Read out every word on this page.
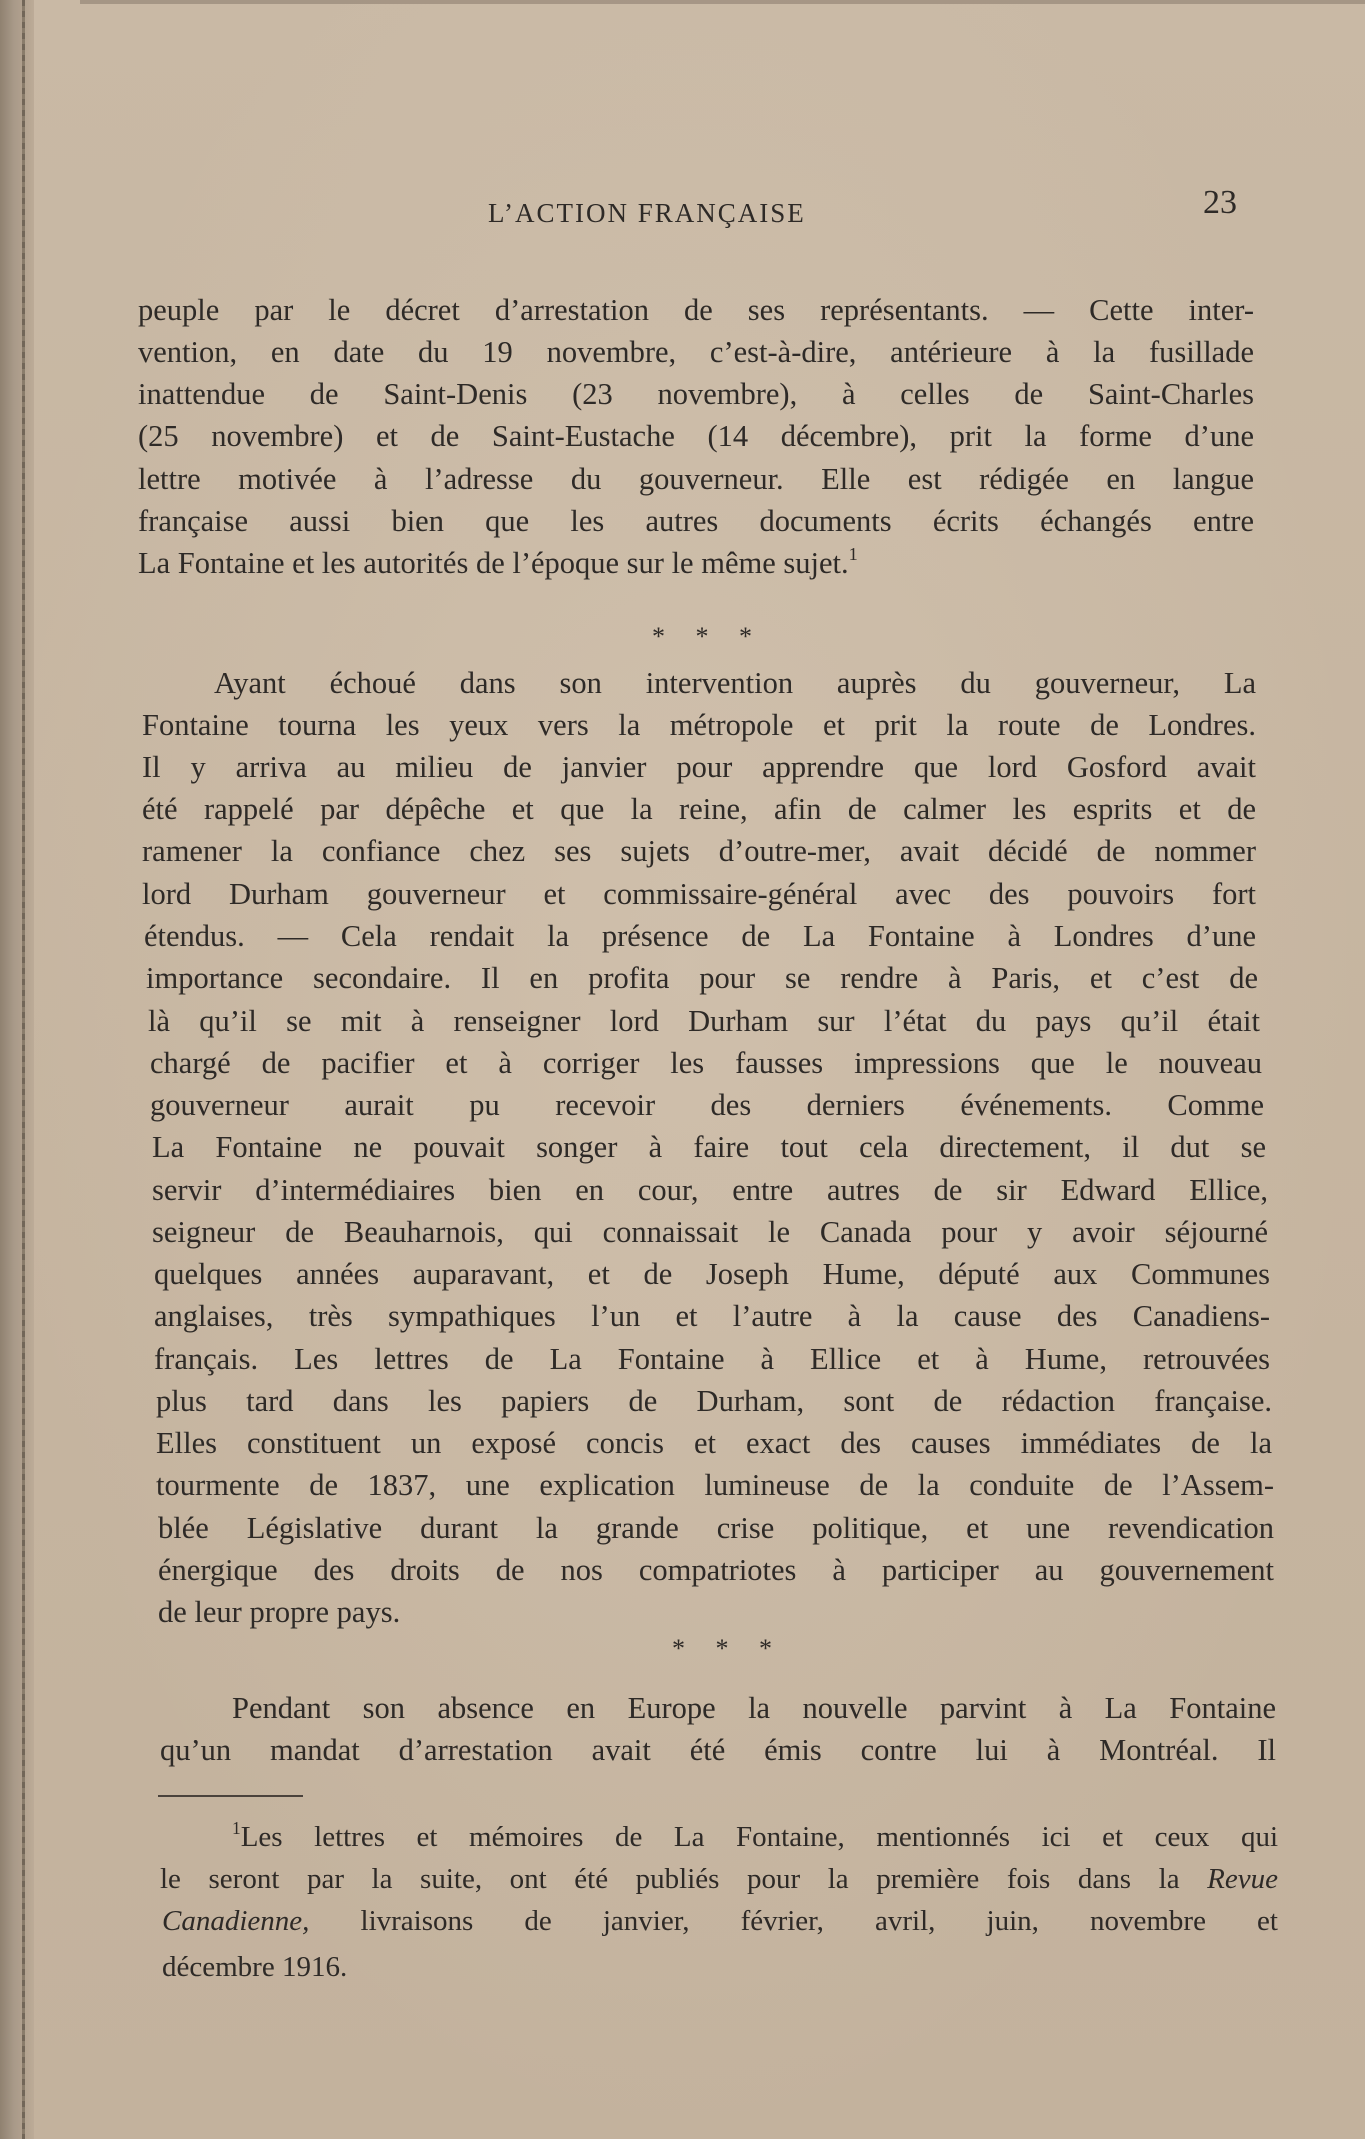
L’ACTION FRANÇAISE	23
peuple par le décret d’arrestation de ses représentants. — Cette inter-
vention, en date du 19 novembre, c’est-à-dire, antérieure à la fusillade
inattendue de Saint-Denis (23 novembre), à celles de Saint-Charles
(25 novembre) et de Saint-Eustache (14 décembre), prit la forme d’une
lettre motivée à l’adresse du gouverneur. Elle est rédigée en langue
française aussi bien que les autres documents écrits échangés entre
La Fontaine et les autorités de l’époque sur le même sujet.$^1$
* * *
Ayant échoué dans son intervention auprès du gouverneur, La
Fontaine tourna les yeux vers la métropole et prit la route de Londres.
Il y arriva au milieu de janvier pour apprendre que lord Gosford avait
été rappelé par dépêche et que la reine, afin de calmer les esprits et de
ramener la confiance chez ses sujets d’outre-mer, avait décidé de nommer
lord Durham gouverneur et commissaire-général avec des pouvoirs fort
étendus. — Cela rendait la présence de La Fontaine à Londres d’une
importance secondaire. Il en profita pour se rendre à Paris, et c’est de
là qu’il se mit à renseigner lord Durham sur l’état du pays qu’il était
chargé de pacifier et à corriger les fausses impressions que le nouveau
gouverneur aurait pu recevoir des derniers événements. Comme
La Fontaine ne pouvait songer à faire tout cela directement, il dut se
servir d’intermédiaires bien en cour, entre autres de sir Edward Ellice,
seigneur de Beauharnois, qui connaissait le Canada pour y avoir séjourné
quelques années auparavant, et de Joseph Hume, député aux Communes
anglaises, très sympathiques l’un et l’autre à la cause des Canadiens-
français. Les lettres de La Fontaine à Ellice et à Hume, retrouvées
plus tard dans les papiers de Durham, sont de rédaction française.
Elles constituent un exposé concis et exact des causes immédiates de la
tourmente de 1837, une explication lumineuse de la conduite de l’Assem-
blée Législative durant la grande crise politique, et une revendication
énergique des droits de nos compatriotes à participer au gouvernement
de leur propre pays.
* * *
Pendant son absence en Europe la nouvelle parvint à La Fontaine
qu’un mandat d’arrestation avait été émis contre lui à Montréal. Il
$^1$Les lettres et mémoires de La Fontaine, mentionnés ici et ceux qui
le seront par la suite, ont été publiés pour la première fois dans la Revue
Canadienne, livraisons de janvier, février, avril, juin, novembre et
décembre 1916.
